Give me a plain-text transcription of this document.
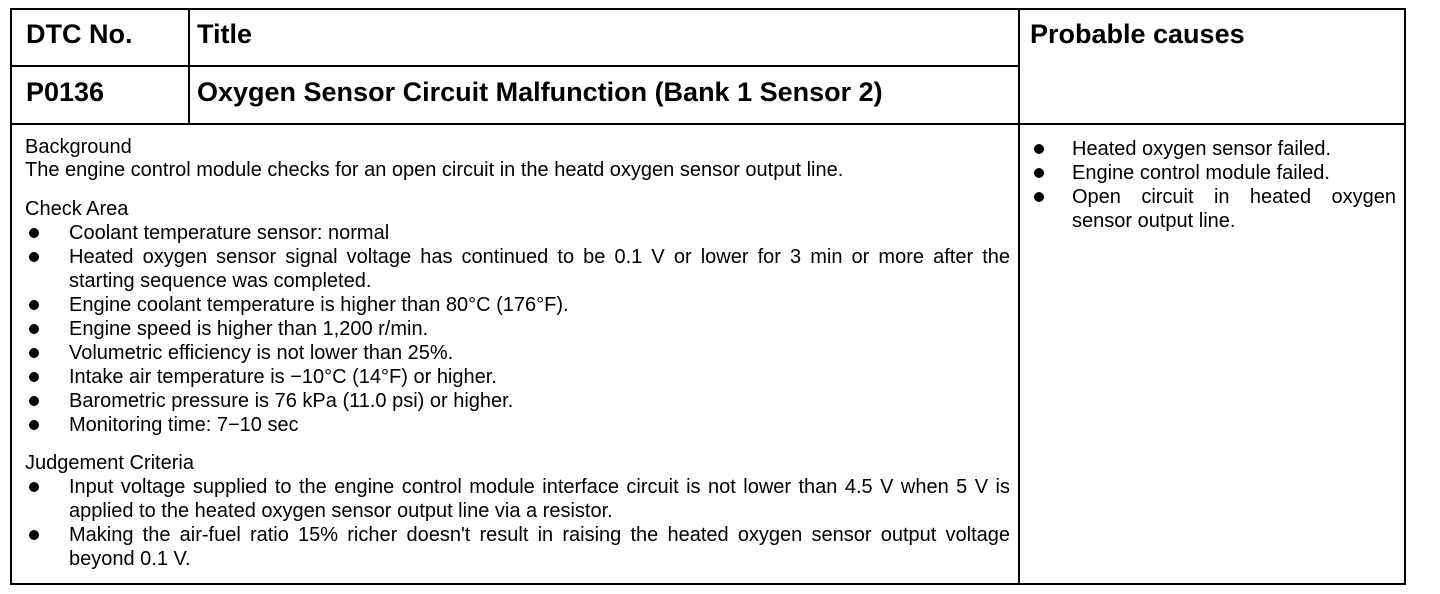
DTC No. Title	Probable causes
P0136	Oxygen Sensor Circuit Malfunction (Bank 1 Sensor 2)

Background

The engine control module checks for an open circuit in the heatd oxygen sensor output line.

Check Area

Coolant temperature sensor: normal
Heated oxygen sensor signal voltage has continued to be 0.1 V or lower for 3 min or more after the starting sequence was completed.
Engine coolant temperature is higher than 80°C (176°F).
Engine speed is higher than 1,200 r/min.
Volumetric efficiency is not lower than 25%.
Intake air temperature is −10°C (14°F) or higher.
Barometric pressure is 76 kPa (11.0 psi) or higher.
Monitoring time: 7−10 sec

Judgement Criteria

Input voltage supplied to the engine control module interface circuit is not lower than 4.5 V when 5 V is applied to the heated oxygen sensor output line via a resistor.
Making the air-fuel ratio 15% richer doesn't result in raising the heated oxygen sensor output voltage beyond 0.1 V.
Heated oxygen sensor failed.
Engine control module failed.
Open circuit in heated oxygen sensor output line.
